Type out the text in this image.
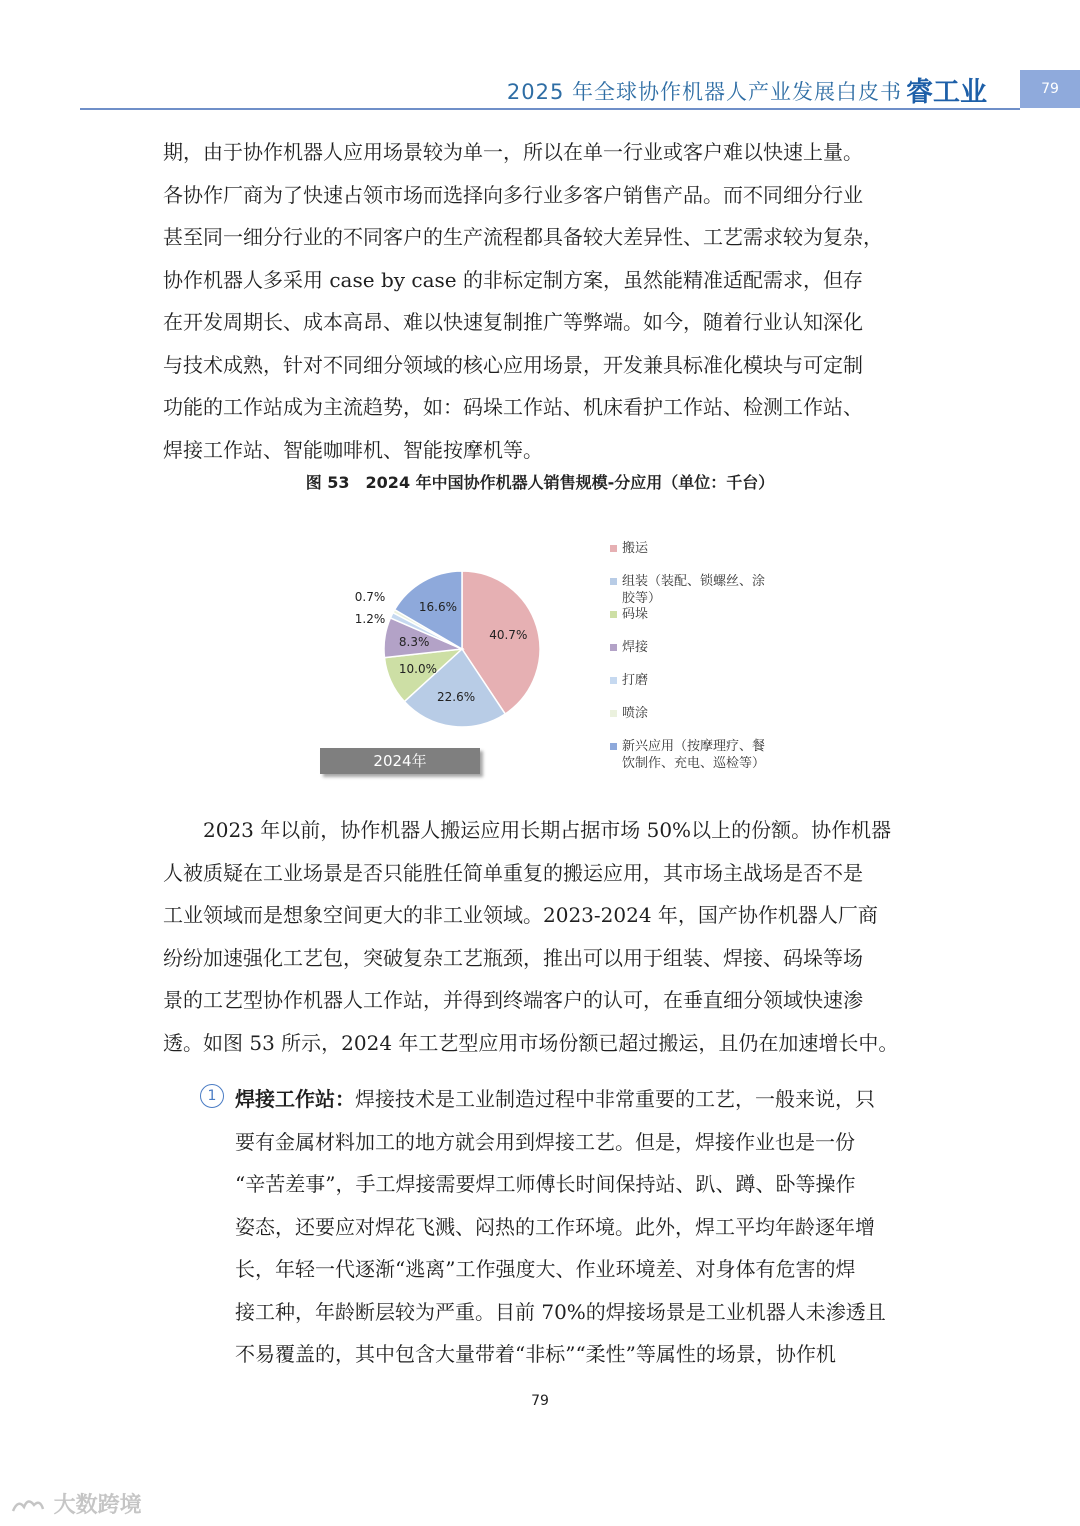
2025 年全球协作机器人产业发展白皮书 睿工业	79
期，由于协作机器人应用场景较为单一，所以在单一行业或客户难以快速上量。
各协作厂商为了快速占领市场而选择向多行业多客户销售产品。而不同细分行业
甚至同一细分行业的不同客户的生产流程都具备较大差异性、工艺需求较为复杂，
协作机器人多采用 case by case 的非标定制方案，虽然能精准适配需求，但存
在开发周期长、成本高昂、难以快速复制推广等弊端。如今，随着行业认知深化
与技术成熟，针对不同细分领域的核心应用场景，开发兼具标准化模块与可定制
功能的工作站成为主流趋势，如：码垛工作站、机床看护工作站、检测工作站、
焊接工作站、智能咖啡机、智能按摩机等。
图 53　2024 年中国协作机器人销售规模-分应用（单位：千台）
40.7%
22.6%
10.0%
8.3%
1.2%
0.7%
16.6%
2024年
搬运
组装（装配、锁螺丝、涂
胶等）
码垛
焊接
打磨
喷涂
新兴应用（按摩理疗、餐
饮制作、充电、巡检等）
　　2023 年以前，协作机器人搬运应用长期占据市场 50%以上的份额。协作机器
人被质疑在工业场景是否只能胜任简单重复的搬运应用，其市场主战场是否不是
工业领域而是想象空间更大的非工业领域。2023-2024 年，国产协作机器人厂商
纷纷加速强化工艺包，突破复杂工艺瓶颈，推出可以用于组装、焊接、码垛等场
景的工艺型协作机器人工作站，并得到终端客户的认可，在垂直细分领域快速渗
透。如图 53 所示，2024 年工艺型应用市场份额已超过搬运，且仍在加速增长中。
1 焊接工作站：焊接技术是工业制造过程中非常重要的工艺，一般来说，只
要有金属材料加工的地方就会用到焊接工艺。但是，焊接作业也是一份
“辛苦差事”，手工焊接需要焊工师傅长时间保持站、趴、蹲、卧等操作
姿态，还要应对焊花飞溅、闷热的工作环境。此外，焊工平均年龄逐年增
长，年轻一代逐渐“逃离”工作强度大、作业环境差、对身体有危害的焊
接工种，年龄断层较为严重。目前 70%的焊接场景是工业机器人未渗透且
不易覆盖的，其中包含大量带着“非标”“柔性”等属性的场景，协作机
79
大数跨境
